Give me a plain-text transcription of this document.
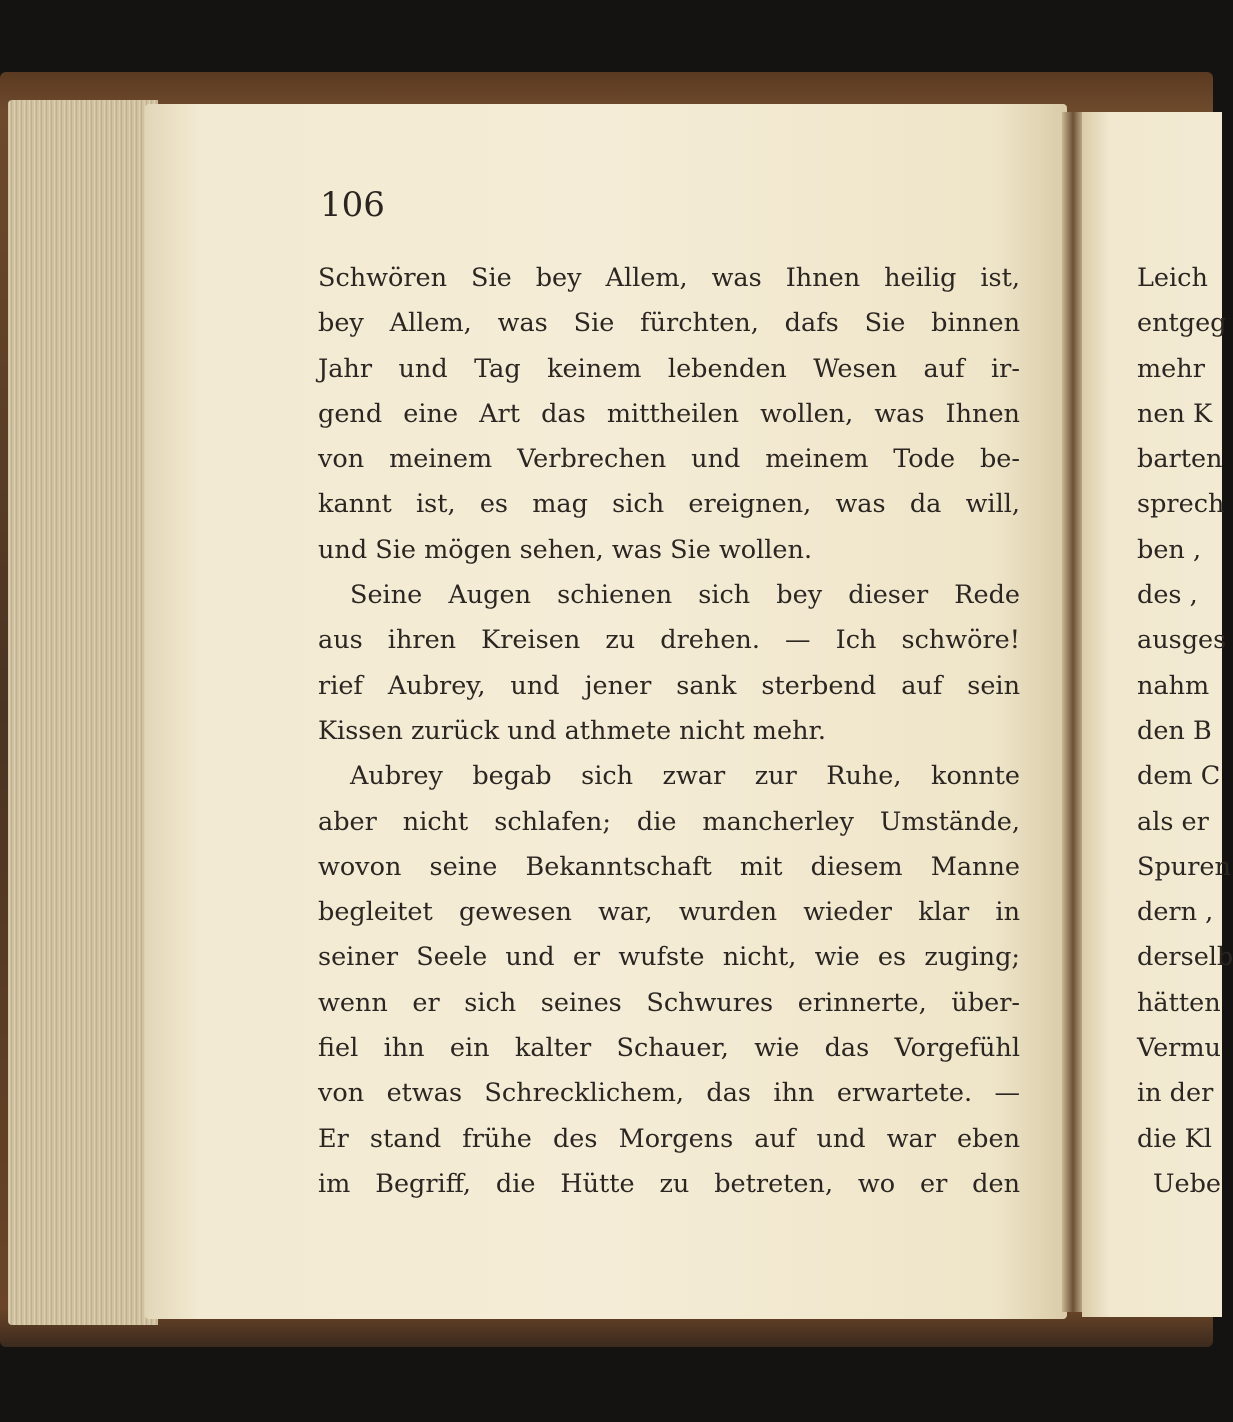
106
Schwören Sie bey Allem, was Ihnen heilig ist,
bey Allem, was Sie fürchten, dafs Sie binnen
Jahr und Tag keinem lebenden Wesen auf ir-
gend eine Art das mittheilen wollen, was Ihnen
von meinem Verbrechen und meinem Tode be-
kannt ist, es mag sich ereignen, was da will,
und Sie mögen sehen, was Sie wollen.
Seine Augen schienen sich bey dieser Rede
aus ihren Kreisen zu drehen. — Ich schwöre!
rief Aubrey, und jener sank sterbend auf sein
Kissen zurück und athmete nicht mehr.
Aubrey begab sich zwar zur Ruhe, konnte
aber nicht schlafen; die mancherley Umstände,
wovon seine Bekanntschaft mit diesem Manne
begleitet gewesen war, wurden wieder klar in
seiner Seele und er wufste nicht, wie es zuging;
wenn er sich seines Schwures erinnerte, über-
fiel ihn ein kalter Schauer, wie das Vorgefühl
von etwas Schrecklichem, das ihn erwartete. —
Er stand frühe des Morgens auf und war eben
im Begriff, die Hütte zu betreten, wo er den
Leich
entgeg
mehr
nen K
barten
sprech
ben ,
des ,
ausges
nahm
den B
dem C
als er
Spuren
dern ,
derselb
hätten
Vermu
in der
die Kl
Uebe
